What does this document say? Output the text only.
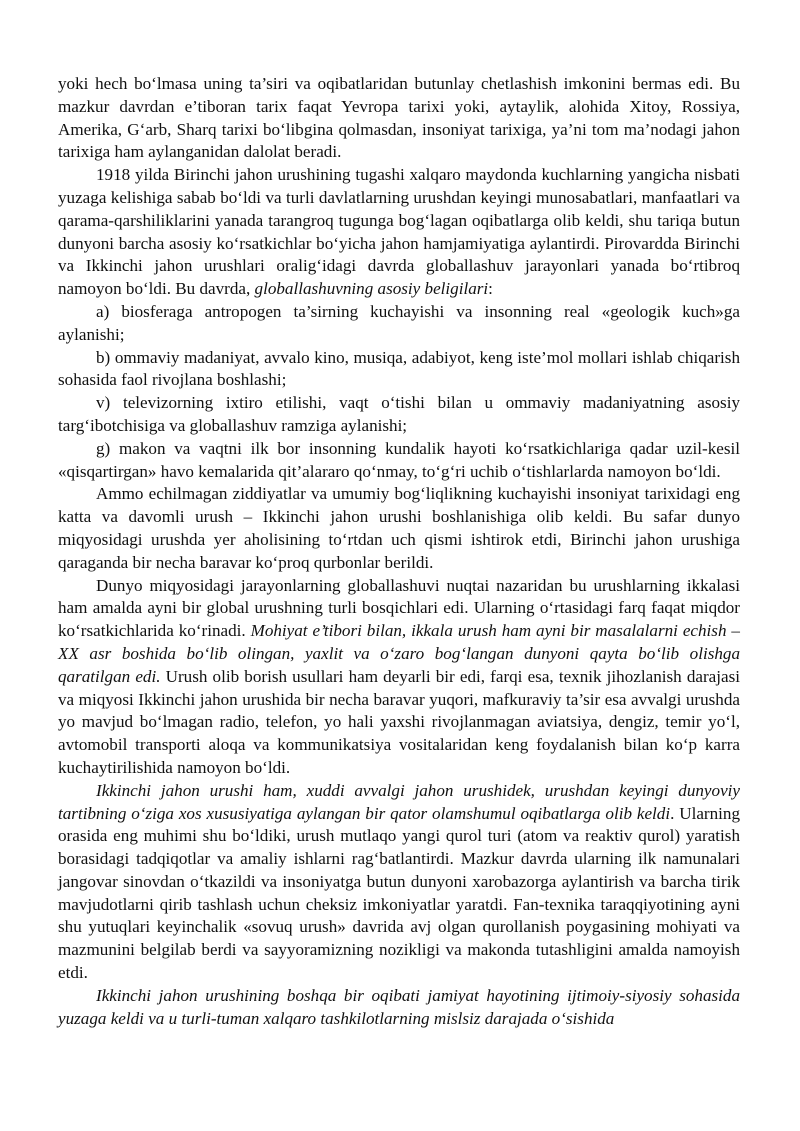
yoki hech bo‘lmasa uning ta’siri va oqibatlaridan butunlay chetlashish imkonini bermas edi. Bu mazkur davrdan e’tiboran tarix faqat Yevropa tarixi yoki, aytaylik, alohida Xitoy, Rossiya, Amerika, G‘arb, Sharq tarixi bo‘libgina qolmasdan, insoniyat tarixiga, ya’ni tom ma’nodagi jahon tarixiga ham aylanganidan dalolat beradi.

1918 yilda Birinchi jahon urushining tugashi xalqaro maydonda kuchlarning yangicha nisbati yuzaga kelishiga sabab bo‘ldi va turli davlatlarning urushdan keyingi munosabatlari, manfaatlari va qarama-qarshiliklarini yanada tarangroq tugunga bog‘lagan oqibatlarga olib keldi, shu tariqa butun dunyoni barcha asosiy ko‘rsatkichlar bo‘yicha jahon hamjamiyatiga aylantirdi. Pirovardda Birinchi va Ikkinchi jahon urushlari oralig‘idagi davrda globallashuv jarayonlari yanada bo‘rtibroq namoyon bo‘ldi. Bu davrda, globallashuvning asosiy beligilari:

a) biosferaga antropogen ta’sirning kuchayishi va insonning real «geologik kuch»ga aylanishi;

b) ommaviy madaniyat, avvalo kino, musiqa, adabiyot, keng iste’mol mollari ishlab chiqarish sohasida faol rivojlana boshlashi;

v) televizorning ixtiro etilishi, vaqt o‘tishi bilan u ommaviy madaniyatning asosiy targ‘ibotchisiga va globallashuv ramziga aylanishi;

g) makon va vaqtni ilk bor insonning kundalik hayoti ko‘rsatkichlariga qadar uzil-kesil «qisqartirgan» havo kemalarida qit’alararo qo‘nmay, to‘g‘ri uchib o‘tishlarlarda namoyon bo‘ldi.

Ammo echilmagan ziddiyatlar va umumiy bog‘liqlikning kuchayishi insoniyat tarixidagi eng katta va davomli urush – Ikkinchi jahon urushi boshlanishiga olib keldi. Bu safar dunyo miqyosidagi urushda yer aholisining to‘rtdan uch qismi ishtirok etdi, Birinchi jahon urushiga qaraganda bir necha baravar ko‘proq qurbonlar berildi.

Dunyo miqyosidagi jarayonlarning globallashuvi nuqtai nazaridan bu urushlarning ikkalasi ham amalda ayni bir global urushning turli bosqichlari edi. Ularning o‘rtasidagi farq faqat miqdor ko‘rsatkichlarida ko‘rinadi. Mohiyat e’tibori bilan, ikkala urush ham ayni bir masalalarni echish – XX asr boshida bo‘lib olingan, yaxlit va o‘zaro bog‘langan dunyoni qayta bo‘lib olishga qaratilgan edi. Urush olib borish usullari ham deyarli bir edi, farqi esa, texnik jihozlanish darajasi va miqyosi Ikkinchi jahon urushida bir necha baravar yuqori, mafkuraviy ta’sir esa avvalgi urushda yo mavjud bo‘lmagan radio, telefon, yo hali yaxshi rivojlanmagan aviatsiya, dengiz, temir yo‘l, avtomobil transporti aloqa va kommunikatsiya vositalaridan keng foydalanish bilan ko‘p karra kuchaytirilishida namoyon bo‘ldi.

Ikkinchi jahon urushi ham, xuddi avvalgi jahon urushidek, urushdan keyingi dunyoviy tartibning o‘ziga xos xususiyatiga aylangan bir qator olamshumul oqibatlarga olib keldi. Ularning orasida eng muhimi shu bo‘ldiki, urush mutlaqo yangi qurol turi (atom va reaktiv qurol) yaratish borasidagi tadqiqotlar va amaliy ishlarni rag‘batlantirdi. Mazkur davrda ularning ilk namunalari jangovar sinovdan o‘tkazildi va insoniyatga butun dunyoni xarobazorga aylantirish va barcha tirik mavjudotlarni qirib tashlash uchun cheksiz imkoniyatlar yaratdi. Fan-texnika taraqqiyotining ayni shu yutuqlari keyinchalik «sovuq urush» davrida avj olgan qurollanish poygasining mohiyati va mazmunini belgilab berdi va sayyoramizning nozikligi va makonda tutashligini amalda namoyish etdi.

Ikkinchi jahon urushining boshqa bir oqibati jamiyat hayotining ijtimoiy-siyosiy sohasida yuzaga keldi va u turli-tuman xalqaro tashkilotlarning mislsiz darajada o‘sishida
